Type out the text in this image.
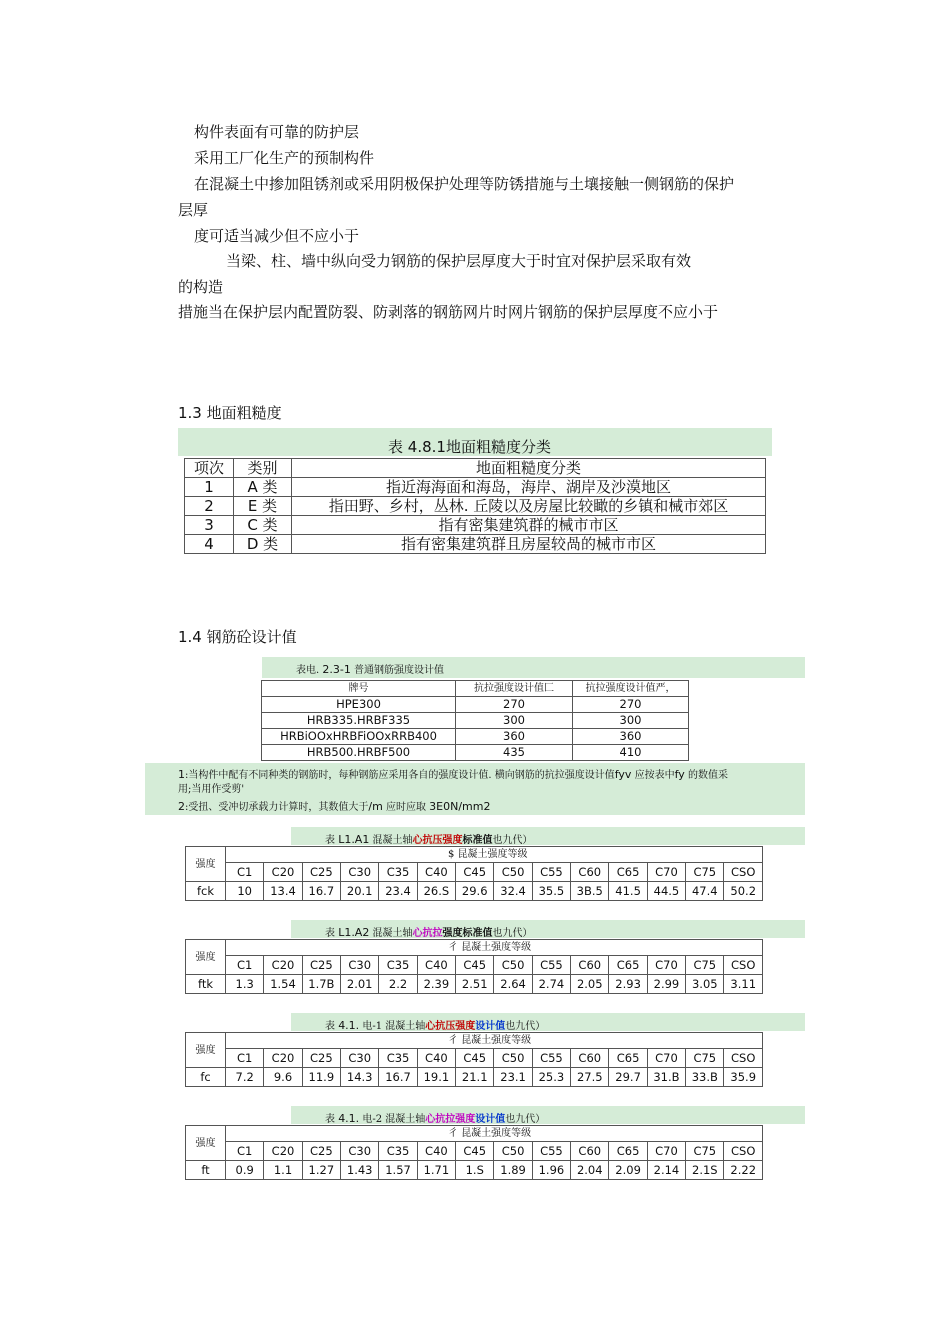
构件表面有可靠的防护层
采用工厂化生产的预制构件
在混凝土中掺加阻锈剂或采用阴极保护处理等防锈措施与土壤接触一侧钢筋的保护
层厚
度可适当减少但不应小于
当梁、柱、墙中纵向受力钢筋的保护层厚度大于时宜对保护层采取有效
的构造
措施当在保护层内配置防裂、防剥落的钢筋网片时网片钢筋的保护层厚度不应小于
1.3 地面粗糙度
表 4.8.1地面粗糙度分类
项次	类别	地面粗糙度分类
1	A 类	指近海海面和海岛，海岸、湖岸及沙漠地区
2	E 类	指田野、乡村，丛林. 丘陵以及房屋比较瞰的乡镇和械市郊区
3	C 类	指有密集建筑群的械市市区
4	D 类	指有密集建筑群且房屋较咼的械市市区
1.4 钢筋砼设计值
表电. 2.3-1 普通钢筋强度设计值
牌号	抗拉强度设计值匚	抗拉强度设计值严，
HPE300	270	270
HRB335.HRBF335	300	300
HRBiOOxHRBFiOOxRRB400	360	360
HRB500.HRBF500	435	410
1:当构件中配有不同种类的钢筋时，每种钢筋应采用各自的强度设计值. 横向钢筋的抗拉强度设计值fyv 应按表中fy 的数值采
用;当用作受剪'
2:受扭、受冲切承载力计算时，其数值大于/m 应时应取 3E0N/mm2
表 L1.A1 混凝土轴心抗压强度标准值也九代）
强度	$ 昆凝土强度等级													
	C1	C20	C25	C30	C35	C40	C45	C50	C55	C60	C65	C70	C75	CSO
fck	10	13.4	16.7	20.1	23.4	26.S	29.6	32.4	35.5	3B.5	41.5	44.5	47.4	50.2
表 L1.A2 混凝土轴心抗拉强度标准值也九代）
强度	彳 昆凝土强度等级													
	C1	C20	C25	C30	C35	C40	C45	C50	C55	C60	C65	C70	C75	CSO
ftk	1.3	1.54	1.7B	2.01	2.2	2.39	2.51	2.64	2.74	2.05	2.93	2.99	3.05	3.11
表 4.1. 电-1 混凝土轴心抗压强度设计值也九代）
强度	彳 昆凝土强度等级													
	C1	C20	C25	C30	C35	C40	C45	C50	C55	C60	C65	C70	C75	CSO
fc	7.2	9.6	11.9	14.3	16.7	19.1	21.1	23.1	25.3	27.5	29.7	31.B	33.B	35.9
表 4.1. 电-2 混凝土轴心抗拉强度设计值也九代）
强度	彳 昆凝土强度等级													
	C1	C20	C25	C30	C35	C40	C45	C50	C55	C60	C65	C70	C75	CSO
ft	0.9	1.1	1.27	1.43	1.57	1.71	1.S	1.89	1.96	2.04	2.09	2.14	2.1S	2.22
